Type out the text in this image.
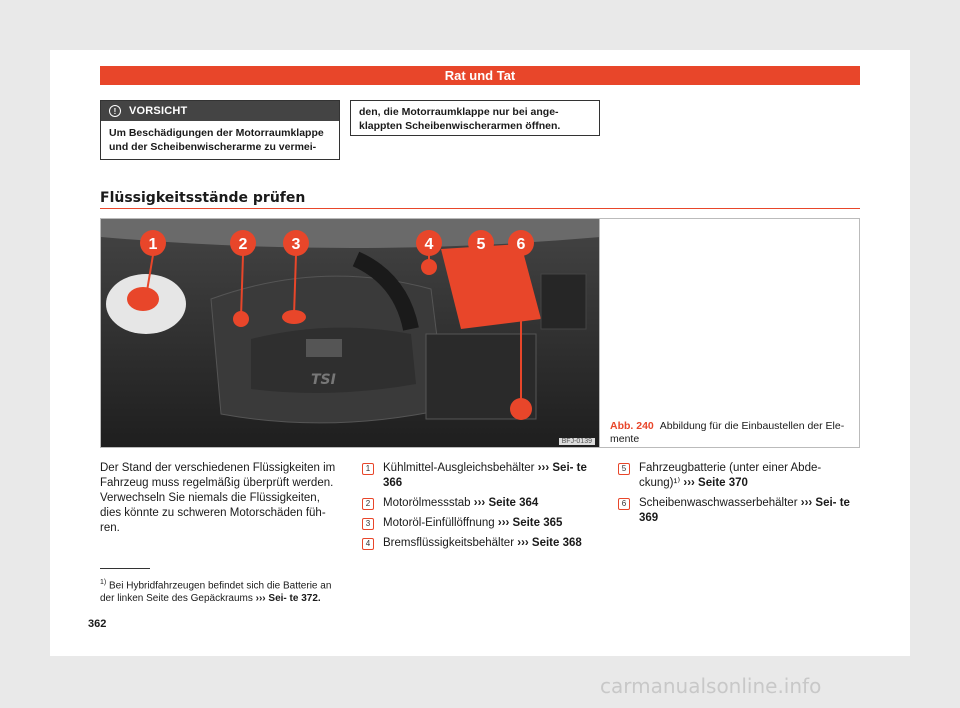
Rat und Tat
!	VORSICHT
Um Beschädigungen der Motorraumklappe und der Scheibenwischerarme zu vermei-
den, die Motorraumklappe nur bei ange- klappten Scheibenwischerarmen öffnen.
Flüssigkeitsstände prüfen
TSI
1	2	3	4	5 6
BFJ-0139
Abb. 240 Abbildung für die Einbaustellen der Ele- mente
Der Stand der verschiedenen Flüssigkeiten im Fahrzeug muss regelmäßig überprüft werden. Verwechseln Sie niemals die Flüssigkeiten, dies könnte zu schweren Motorschäden füh- ren.
1	Kühlmittel-Ausgleichsbehälter ››› Sei- te 366
2	Motorölmessstab ››› Seite 364
3	Motoröl-Einfüllöffnung ››› Seite 365
4	Bremsflüssigkeitsbehälter ››› Seite 368
5	Fahrzeugbatterie (unter einer Abde- ckung)¹⁾ ››› Seite 370
6	Scheibenwaschwasserbehälter ››› Sei- te 369
$^{1)}$ Bei Hybridfahrzeugen befindet sich die Batterie an der linken Seite des Gepäckraums ››› Sei- te 372.
362
carmanualsonline.info
